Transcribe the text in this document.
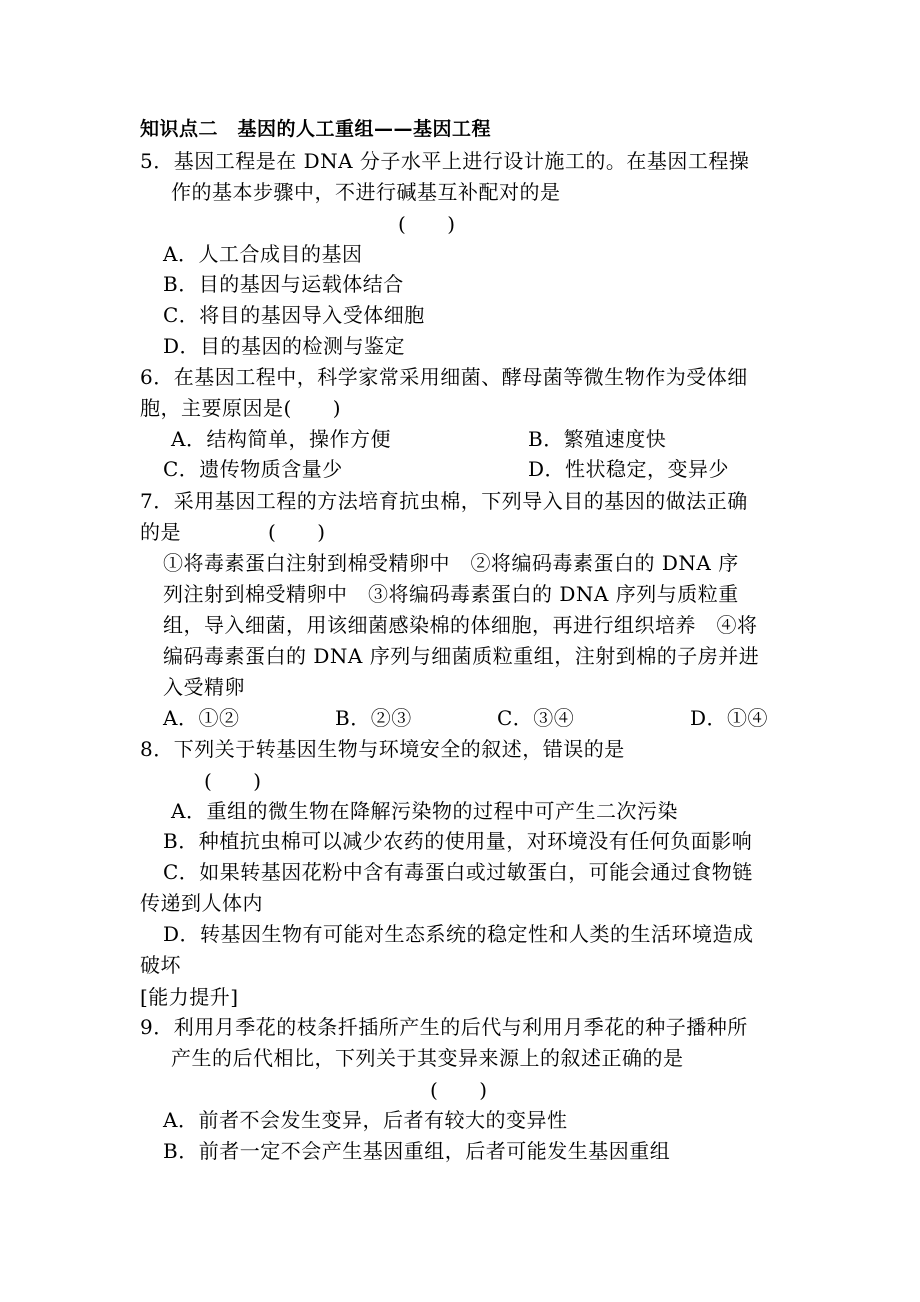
知识点二　基因的人工重组——基因工程
5．基因工程是在 DNA 分子水平上进行设计施工的。在基因工程操
作的基本步骤中，不进行碱基互补配对的是
(　　)
A．人工合成目的基因
B．目的基因与运载体结合
C．将目的基因导入受体细胞
D．目的基因的检测与鉴定
6．在基因工程中，科学家常采用细菌、酵母菌等微生物作为受体细
胞，主要原因是(　　)
A．结构简单，操作方便	B．繁殖速度快
C．遗传物质含量少	D．性状稳定，变异少
7．采用基因工程的方法培育抗虫棉，下列导入目的基因的做法正确
的是	(　　)
①将毒素蛋白注射到棉受精卵中　②将编码毒素蛋白的 DNA 序
列注射到棉受精卵中　③将编码毒素蛋白的 DNA 序列与质粒重
组，导入细菌，用该细菌感染棉的体细胞，再进行组织培养　④将
编码毒素蛋白的 DNA 序列与细菌质粒重组，注射到棉的子房并进
入受精卵
A．①②	B．②③	C．③④	D．①④
8．下列关于转基因生物与环境安全的叙述，错误的是
(　　)
A．重组的微生物在降解污染物的过程中可产生二次污染
B．种植抗虫棉可以减少农药的使用量，对环境没有任何负面影响
C．如果转基因花粉中含有毒蛋白或过敏蛋白，可能会通过食物链
传递到人体内
D．转基因生物有可能对生态系统的稳定性和人类的生活环境造成
破坏
[能力提升]
9．利用月季花的枝条扦插所产生的后代与利用月季花的种子播种所
产生的后代相比，下列关于其变异来源上的叙述正确的是
(　　)
A．前者不会发生变异，后者有较大的变异性
B．前者一定不会产生基因重组，后者可能发生基因重组
